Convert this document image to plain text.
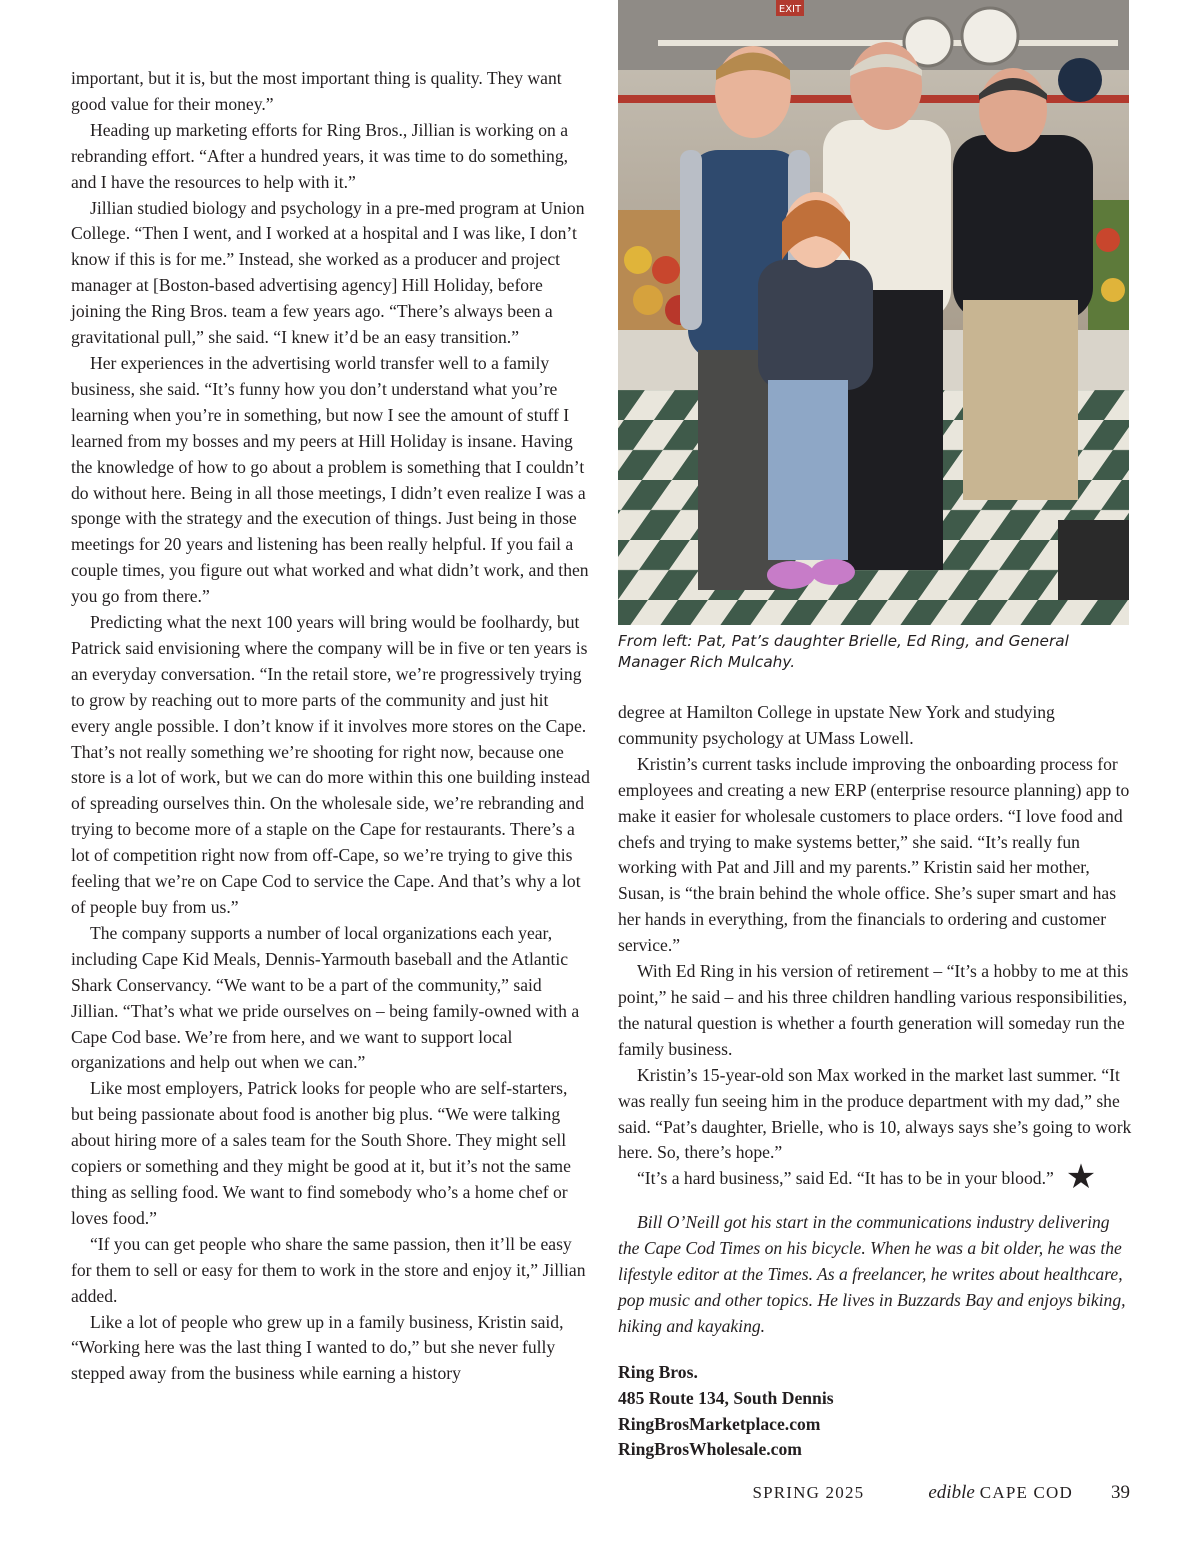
important, but it is, but the most important thing is quality. They want good value for their money.”

Heading up marketing efforts for Ring Bros., Jillian is working on a rebranding effort. “After a hundred years, it was time to do something, and I have the resources to help with it.”

Jillian studied biology and psychology in a pre-med program at Union College. “Then I went, and I worked at a hospital and I was like, I don’t know if this is for me.” Instead, she worked as a producer and project manager at [Boston-based advertising agency] Hill Holiday, before joining the Ring Bros. team a few years ago. “There’s always been a gravitational pull,” she said. “I knew it’d be an easy transition.”

Her experiences in the advertising world transfer well to a family business, she said. “It’s funny how you don’t understand what you’re learning when you’re in something, but now I see the amount of stuff I learned from my bosses and my peers at Hill Holiday is insane. Having the knowledge of how to go about a problem is something that I couldn’t do without here. Being in all those meetings, I didn’t even realize I was a sponge with the strategy and the execution of things. Just being in those meetings for 20 years and listening has been really helpful. If you fail a couple times, you figure out what worked and what didn’t work, and then you go from there.”

Predicting what the next 100 years will bring would be foolhardy, but Patrick said envisioning where the company will be in five or ten years is an everyday conversation. “In the retail store, we’re progressively trying to grow by reaching out to more parts of the community and just hit every angle possible. I don’t know if it involves more stores on the Cape. That’s not really something we’re shooting for right now, because one store is a lot of work, but we can do more within this one building instead of spreading ourselves thin. On the wholesale side, we’re rebranding and trying to become more of a staple on the Cape for restaurants. There’s a lot of competition right now from off-Cape, so we’re trying to give this feeling that we’re on Cape Cod to service the Cape. And that’s why a lot of people buy from us.”

The company supports a number of local organizations each year, including Cape Kid Meals, Dennis-Yarmouth baseball and the Atlantic Shark Conservancy. “We want to be a part of the community,” said Jillian. “That’s what we pride ourselves on – being family-owned with a Cape Cod base. We’re from here, and we want to support local organizations and help out when we can.”

Like most employers, Patrick looks for people who are self-starters, but being passionate about food is another big plus. “We were talking about hiring more of a sales team for the South Shore. They might sell copiers or something and they might be good at it, but it’s not the same thing as selling food. We want to find somebody who’s a home chef or loves food.”

“If you can get people who share the same passion, then it’ll be easy for them to sell or easy for them to work in the store and enjoy it,” Jillian added.

Like a lot of people who grew up in a family business, Kristin said, “Working here was the last thing I wanted to do,” but she never fully stepped away from the business while earning a history

EXIT
From left: Pat, Pat’s daughter Brielle, Ed Ring, and General Manager Rich Mulcahy.

degree at Hamilton College in upstate New York and studying community psychology at UMass Lowell.

Kristin’s current tasks include improving the onboarding process for employees and creating a new ERP (enterprise resource planning) app to make it easier for wholesale customers to place orders. “I love food and chefs and trying to make systems better,” she said. “It’s really fun working with Pat and Jill and my parents.” Kristin said her mother, Susan, is “the brain behind the whole office. She’s super smart and has her hands in everything, from the financials to ordering and customer service.”

With Ed Ring in his version of retirement – “It’s a hobby to me at this point,” he said – and his three children handling various responsibilities, the natural question is whether a fourth generation will someday run the family business.

Kristin’s 15-year-old son Max worked in the market last summer. “It was really fun seeing him in the produce department with my dad,” she said. “Pat’s daughter, Brielle, who is 10, always says she’s going to work here. So, there’s hope.”

“It’s a hard business,” said Ed. “It has to be in your blood.” ★

Bill O’Neill got his start in the communications industry delivering the Cape Cod Times on his bicycle. When he was a bit older, he was the lifestyle editor at the Times. As a freelancer, he writes about healthcare, pop music and other topics. He lives in Buzzards Bay and enjoys biking, hiking and kayaking.

Ring Bros.
485 Route 134, South Dennis
RingBrosMarketplace.com
RingBrosWholesale.com
SPRING 2025	edible CAPE COD 39
